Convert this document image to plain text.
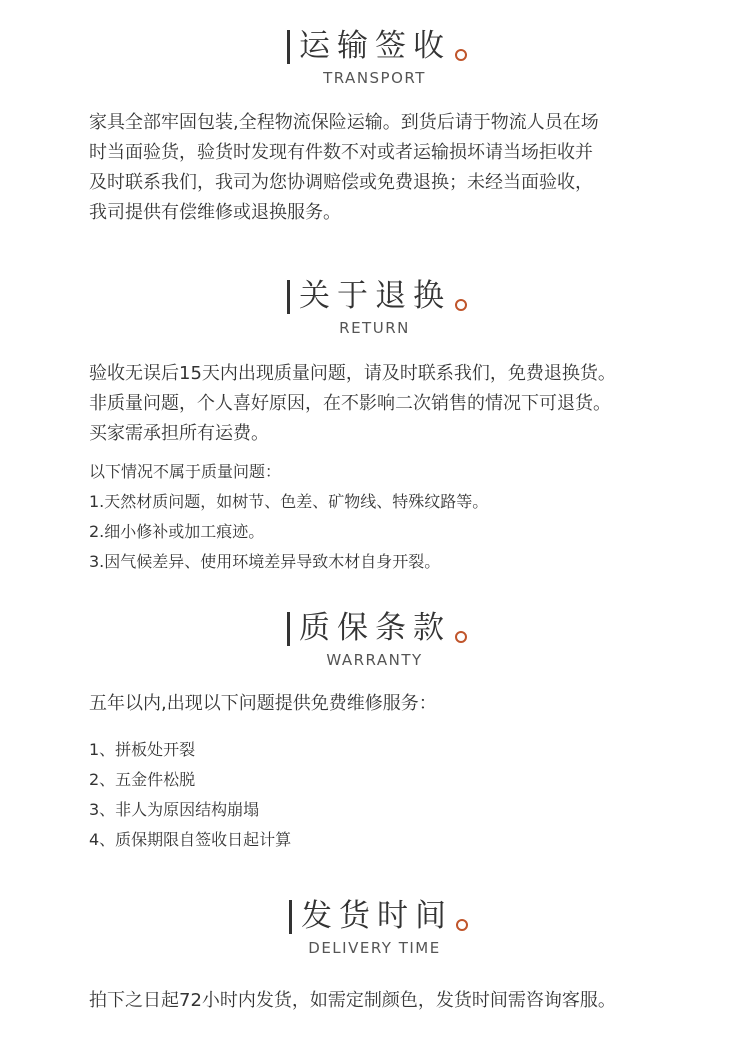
运输签收
TRANSPORT

家具全部牢固包装,全程物流保险运输。到货后请于物流人员在场

时当面验货，验货时发现有件数不对或者运输损坏请当场拒收并

及时联系我们，我司为您协调赔偿或免费退换；未经当面验收，

我司提供有偿维修或退换服务。

关于退换
RETURN

验收无误后15天内出现质量问题，请及时联系我们，免费退换货。

非质量问题，个人喜好原因，在不影响二次销售的情况下可退货。

买家需承担所有运费。

以下情况不属于质量问题：

1.天然材质问题，如树节、色差、矿物线、特殊纹路等。

2.细小修补或加工痕迹。

3.因气候差异、使用环境差异导致木材自身开裂。

质保条款
WARRANTY

五年以内,出现以下问题提供免费维修服务：

1、拼板处开裂

2、五金件松脱

3、非人为原因结构崩塌

4、质保期限自签收日起计算

发货时间
DELIVERY TIME

拍下之日起72小时内发货，如需定制颜色，发货时间需咨询客服。
